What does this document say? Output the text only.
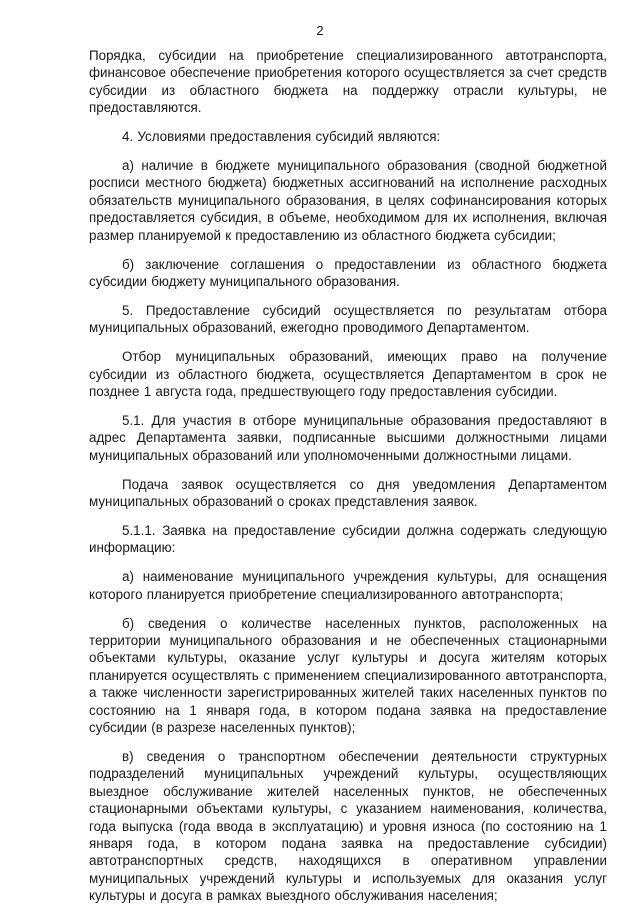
2

Порядка, субсидии на приобретение специализированного автотранспорта, финансовое обеспечение приобретения которого осуществляется за счет средств субсидии из областного бюджета на поддержку отрасли культуры, не предоставляются.

4. Условиями предоставления субсидий являются:

а) наличие в бюджете муниципального образования (сводной бюджетной росписи местного бюджета) бюджетных ассигнований на исполнение расходных обязательств муниципального образования, в целях софинансирования которых предоставляется субсидия, в объеме, необходимом для их исполнения, включая размер планируемой к предоставлению из областного бюджета субсидии;

б) заключение соглашения о предоставлении из областного бюджета субсидии бюджету муниципального образования.

5. Предоставление субсидий осуществляется по результатам отбора муниципальных образований, ежегодно проводимого Департаментом.

Отбор муниципальных образований, имеющих право на получение субсидии из областного бюджета, осуществляется Департаментом в срок не позднее 1 августа года, предшествующего году предоставления субсидии.

5.1. Для участия в отборе муниципальные образования предоставляют в адрес Департамента заявки, подписанные высшими должностными лицами муниципальных образований или уполномоченными должностными лицами.

Подача заявок осуществляется со дня уведомления Департаментом муниципальных образований о сроках представления заявок.

5.1.1. Заявка на предоставление субсидии должна содержать следующую информацию:

а) наименование муниципального учреждения культуры, для оснащения которого планируется приобретение специализированного автотранспорта;

б) сведения о количестве населенных пунктов, расположенных на территории муниципального образования и не обеспеченных стационарными объектами культуры, оказание услуг культуры и досуга жителям которых планируется осуществлять с применением специализированного автотранспорта, а также численности зарегистрированных жителей таких населенных пунктов по состоянию на 1 января года, в котором подана заявка на предоставление субсидии (в разрезе населенных пунктов);

в) сведения о транспортном обеспечении деятельности структурных подразделений муниципальных учреждений культуры, осуществляющих выездное обслуживание жителей населенных пунктов, не обеспеченных стационарными объектами культуры, с указанием наименования, количества, года выпуска (года ввода в эксплуатацию) и уровня износа (по состоянию на 1 января года, в котором подана заявка на предоставление субсидии) автотранспортных средств, находящихся в оперативном управлении муниципальных учреждений культуры и используемых для оказания услуг культуры и досуга в рамках выездного обслуживания населения;
